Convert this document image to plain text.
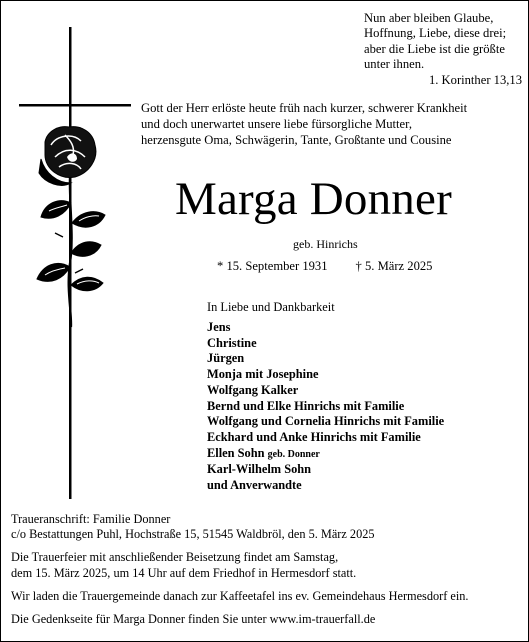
Nun aber bleiben Glaube,
Hoffnung, Liebe, diese drei;
aber die Liebe ist die größte
unter ihnen.
1. Korinther 13,13
Gott der Herr erlöste heute früh nach kurzer, schwerer Krankheit
und doch unerwartet unsere liebe fürsorgliche Mutter,
herzensgute Oma, Schwägerin, Tante, Großtante und Cousine
Marga Donner
geb. Hinrichs
* 15. September 1931 † 5. März 2025
In Liebe und Dankbarkeit
Jens
Christine
Jürgen
Monja mit Josephine
Wolfgang Kalker
Bernd und Elke Hinrichs mit Familie
Wolfgang und Cornelia Hinrichs mit Familie
Eckhard und Anke Hinrichs mit Familie
Ellen Sohn geb. Donner
Karl-Wilhelm Sohn
und Anverwandte

Traueranschrift: Familie Donner

c/o Bestattungen Puhl, Hochstraße 15, 51545 Waldbröl, den 5. März 2025

Die Trauerfeier mit anschließender Beisetzung findet am Samstag,

dem 15. März 2025, um 14 Uhr auf dem Friedhof in Hermesdorf statt.

Wir laden die Trauergemeinde danach zur Kaffeetafel ins ev. Gemeindehaus Hermesdorf ein.

Die Gedenkseite für Marga Donner finden Sie unter www.im-trauerfall.de
